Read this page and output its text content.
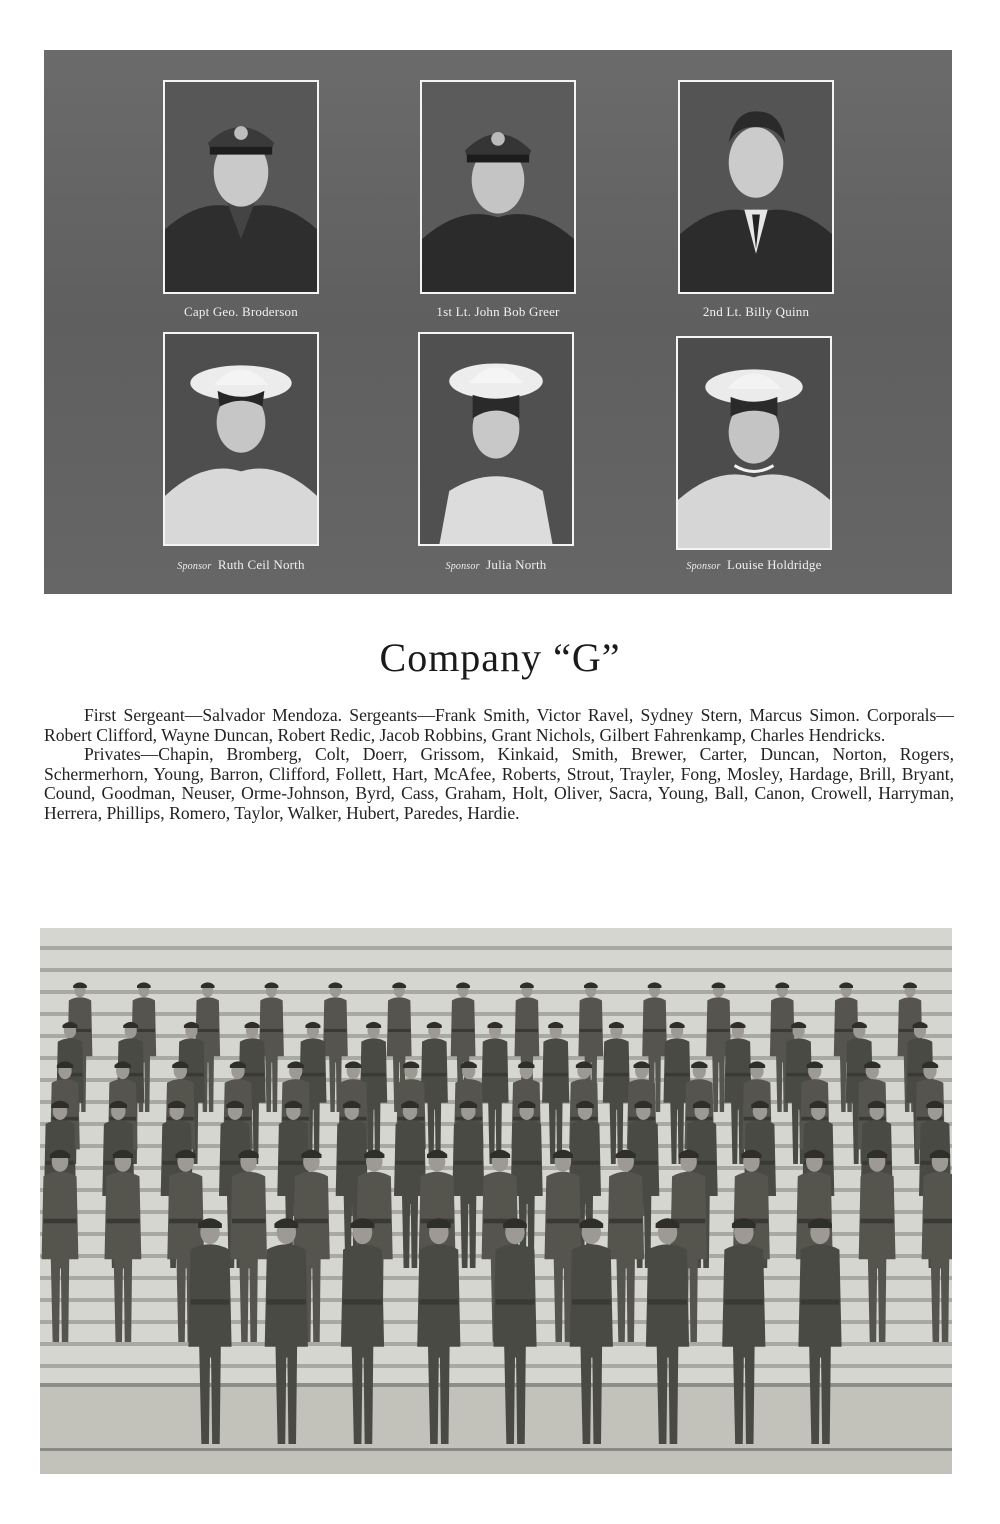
Capt Geo. Broderson	1st Lt. John Bob Greer	2nd Lt. Billy Quinn
Sponsor Ruth Ceil North	Sponsor Julia North	Sponsor Louise Holdridge
Company “G”

First Sergeant—Salvador Mendoza. Sergeants—Frank Smith, Victor Ravel, Sydney Stern, Marcus Simon. Corporals—Robert Clifford, Wayne Duncan, Robert Redic, Jacob Robbins, Grant Nichols, Gilbert Fahrenkamp, Charles Hendricks.

Privates—Chapin, Bromberg, Colt, Doerr, Grissom, Kinkaid, Smith, Brewer, Carter, Duncan, Norton, Rogers, Schermerhorn, Young, Barron, Clifford, Follett, Hart, McAfee, Roberts, Strout, Trayler, Fong, Mosley, Hardage, Brill, Bryant, Cound, Goodman, Neuser, Orme-Johnson, Byrd, Cass, Graham, Holt, Oliver, Sacra, Young, Ball, Canon, Crowell, Harryman, Herrera, Phillips, Romero, Taylor, Walker, Hubert, Paredes, Hardie.
